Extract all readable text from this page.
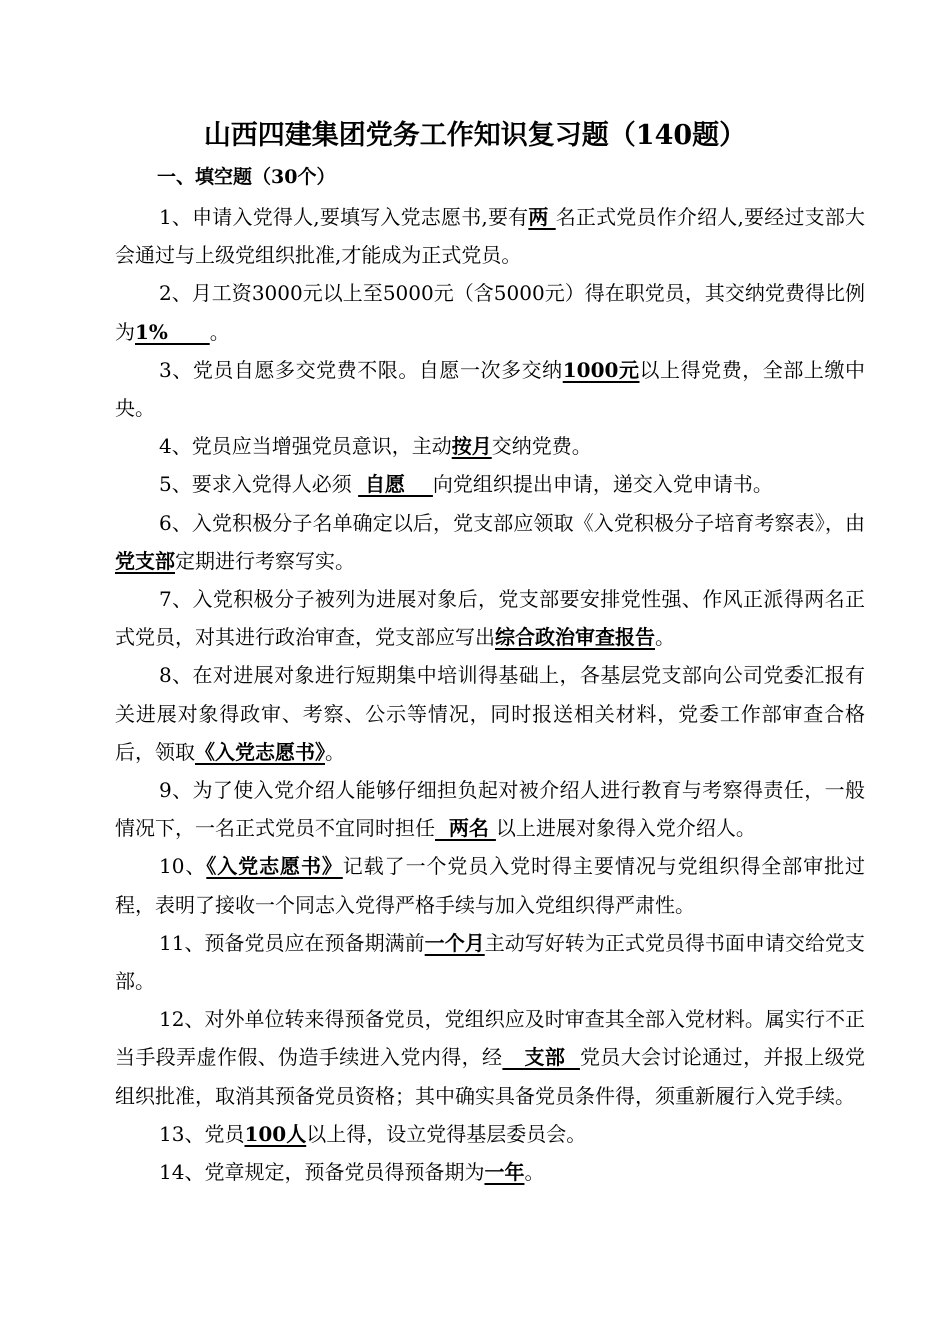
山西四建集团党务工作知识复习题（140题）
一、填空题（30个）

1、申请入党得人,要填写入党志愿书,要有两 名正式党员作介绍人,要经过支部大会通过与上级党组织批准,才能成为正式党员。

2、月工资3000元以上至5000元（含5000元）得在职党员，其交纳党费得比例为1%      。

3、党员自愿多交党费不限。自愿一次多交纳1000元以上得党费，全部上缴中央。

4、党员应当增强党员意识，主动按月交纳党费。

5、要求入党得人必须  自愿    向党组织提出申请，递交入党申请书。

6、入党积极分子名单确定以后，党支部应领取《入党积极分子培育考察表》，由党支部定期进行考察写实。

7、入党积极分子被列为进展对象后，党支部要安排党性强、作风正派得两名正式党员，对其进行政治审查，党支部应写出综合政治审查报告。

8、在对进展对象进行短期集中培训得基础上，各基层党支部向公司党委汇报有关进展对象得政审、考察、公示等情况，同时报送相关材料，党委工作部审查合格后，领取《入党志愿书》。

9、为了使入党介绍人能够仔细担负起对被介绍人进行教育与考察得责任，一般情况下，一名正式党员不宜同时担任  两名 以上进展对象得入党介绍人。

10、《入党志愿书》记载了一个党员入党时得主要情况与党组织得全部审批过程，表明了接收一个同志入党得严格手续与加入党组织得严肃性。

11、预备党员应在预备期满前一个月主动写好转为正式党员得书面申请交给党支部。

12、对外单位转来得预备党员，党组织应及时审查其全部入党材料。属实行不正当手段弄虚作假、伪造手续进入党内得，经   支部  党员大会讨论通过，并报上级党组织批准，取消其预备党员资格；其中确实具备党员条件得，须重新履行入党手续。

13、党员100人以上得，设立党得基层委员会。

14、党章规定，预备党员得预备期为一年。
